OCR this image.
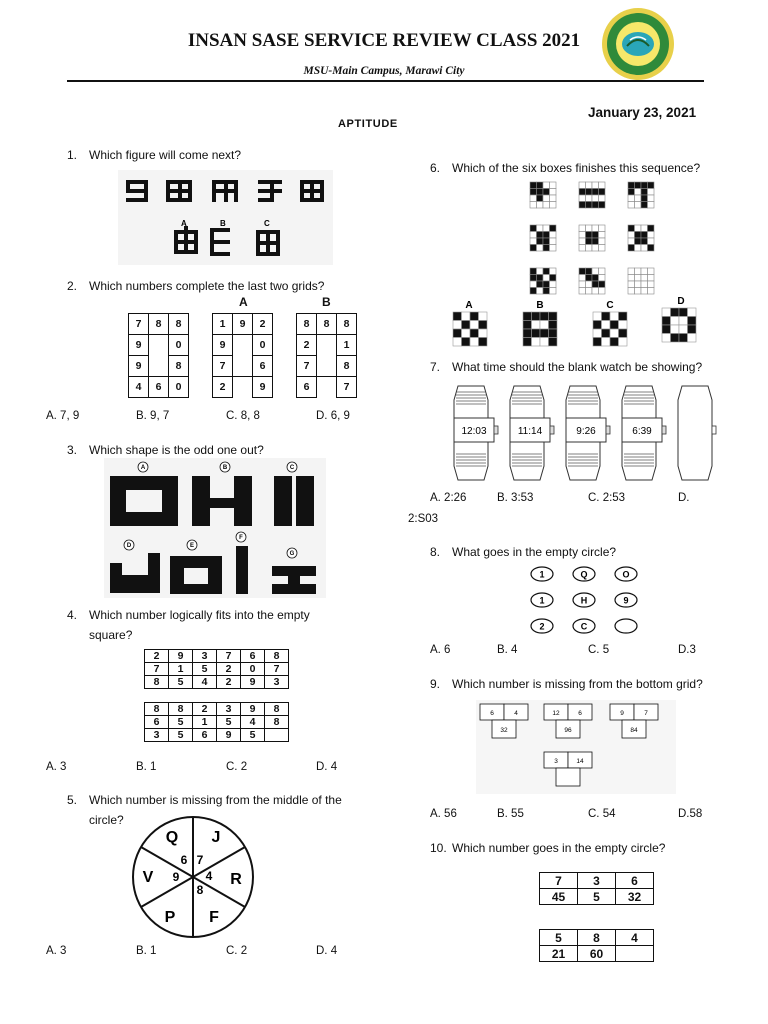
INSAN SASE SERVICE REVIEW CLASS 2021
MSU-Main Campus, Marawi City
January 23, 2021
APTITUDE
1. Which figure will come next?
A	B	C
2. Which numbers complete the last two grids?
A	B
7	8	8
9		0
9		8
4	6	0
1	9	2
9		0
7		6
2		9
8	8	8
2		1
7		8
6		7
A. 7, 9	B. 9, 7	C. 8, 8	D. 6, 9
3. Which shape is the odd one out?
A	B	C
D	E
F
G
4. Which number logically fits into the empty
square?
2	9	3	7	6	8
7	1	5	2	0	7
8	5	4	2	9	3
8	8	2	3	9	8
6	5	1	5	4	8
3	5	6	9	5	
A. 3	B. 1	C. 2	D. 4
5. Which number is missing from the middle of the
circle?
Q J
R
F
P
V
6 7
4
8
9
A. 3	B. 1	C. 2	D. 4
6. Which of the six boxes finishes this sequence?
A	B	C	D
7. What time should the blank watch be showing?
12:03	11:14	9:26	6:39
A. 2:26	B. 3:53	C. 2:53	D.
2:S03
8. What goes in the empty circle?
1	Q	O
1	H	9
2	C
A. 6	B. 4	C. 5	D.3
9. Which number is missing from the bottom grid?
6	4
32
12	6
96
9	7
84
3	14
A. 56	B. 55	C. 54	D.58
10. Which number goes in the empty circle?
7	3	6
45	5	32
5	8	4
21	60	
